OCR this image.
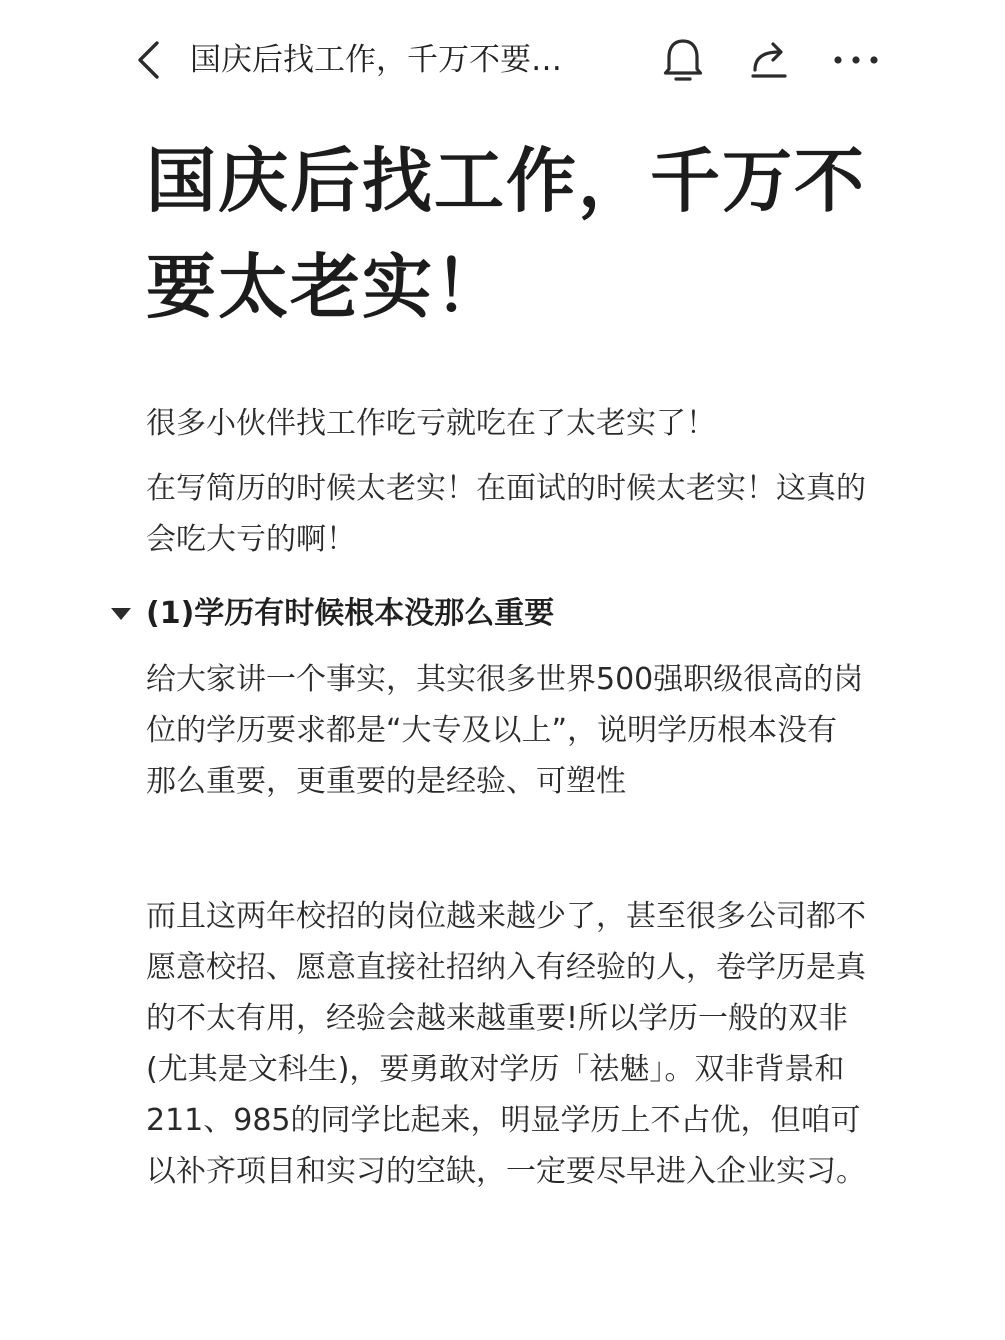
国庆后找工作，千万不要…
国庆后找工作，千万不要太老实！

很多小伙伴找工作吃亏就吃在了太老实了！

在写简历的时候太老实！在面试的时候太老实！这真的会吃大亏的啊！

(1)学历有时候根本没那么重要

给大家讲一个事实，其实很多世界500强职级很高的岗位的学历要求都是“大专及以上”，说明学历根本没有那么重要，更重要的是经验、可塑性

而且这两年校招的岗位越来越少了，甚至很多公司都不愿意校招、愿意直接社招纳入有经验的人，卷学历是真的不太有用，经验会越来越重要!所以学历一般的双非(尤其是文科生)，要勇敢对学历「祛魅」。双非背景和211、985的同学比起来，明显学历上不占优，但咱可以补齐项目和实习的空缺，一定要尽早进入企业实习。
